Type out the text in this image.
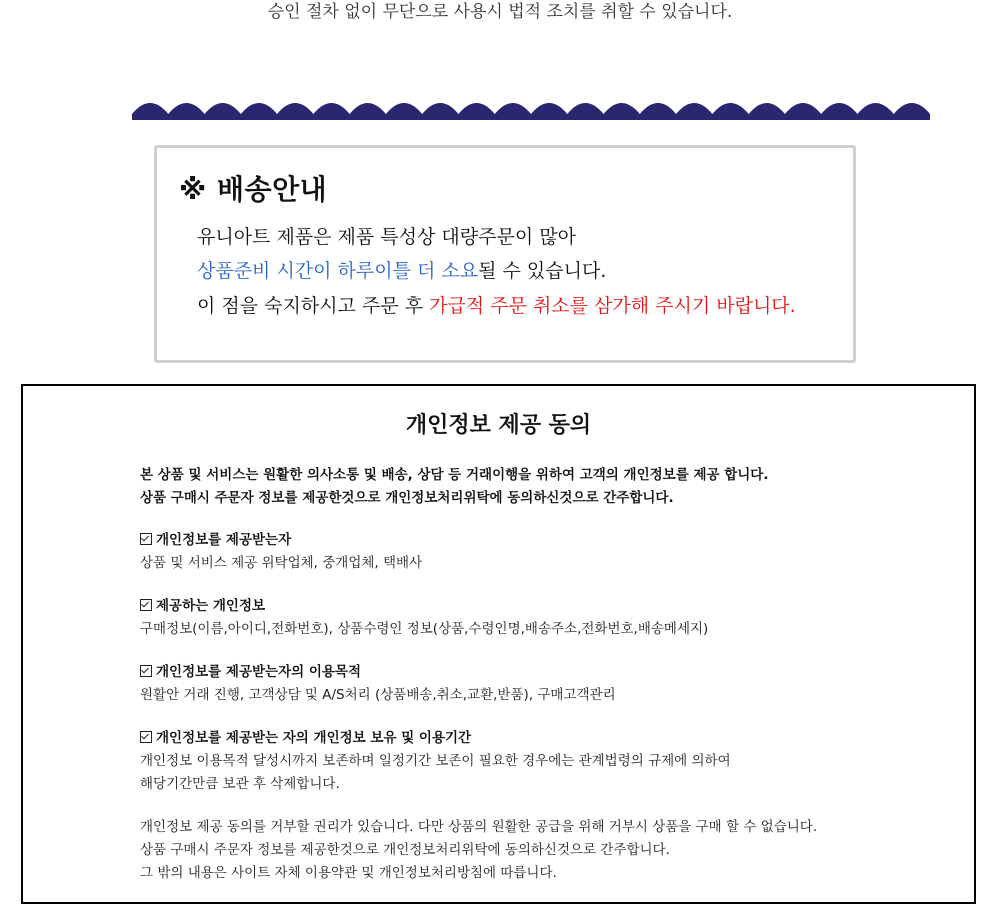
승인 절차 없이 무단으로 사용시 법적 조치를 취할 수 있습니다.
※ 배송안내
유니아트 제품은 제품 특성상 대량주문이 많아
상품준비 시간이 하루이틀 더 소요될 수 있습니다.
이 점을 숙지하시고 주문 후 가급적 주문 취소를 삼가해 주시기 바랍니다.
개인정보 제공 동의
본 상품 및 서비스는 원활한 의사소통 및 배송, 상담 등 거래이행을 위하여 고객의 개인정보를 제공 합니다.
상품 구매시 주문자 정보를 제공한것으로 개인정보처리위탁에 동의하신것으로 간주합니다.
개인정보를 제공받는자
상품 및 서비스 제공 위탁업체, 중개업체, 택배사
제공하는 개인정보
구매정보(이름,아이디,전화번호), 상품수령인 정보(상품,수령인명,배송주소,전화번호,배송메세지)
개인정보를 제공받는자의 이용목적
원활안 거래 진행, 고객상담 및 A/S처리 (상품배송,취소,교환,반품), 구매고객관리
개인정보를 제공받는 자의 개인정보 보유 및 이용기간
개인정보 이용목적 달성시까지 보존하며 일정기간 보존이 필요한 경우에는 관계법령의 규제에 의하여
해당기간만큼 보관 후 삭제합니다.
개인정보 제공 동의를 거부할 권리가 있습니다. 다만 상품의 원활한 공급을 위해 거부시 상품을 구매 할 수 없습니다.
상품 구매시 주문자 정보를 제공한것으로 개인정보처리위탁에 동의하신것으로 간주합니다.
그 밖의 내용은 사이트 자체 이용약관 및 개인정보처리방침에 따릅니다.
